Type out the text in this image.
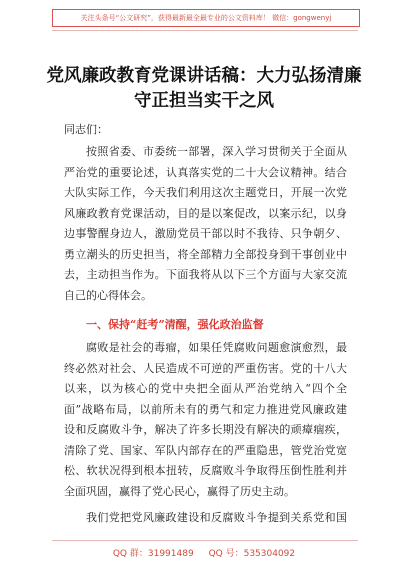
关注头条号“公文研究”，获得最新最全最专业的公文资料库！ 微信：gongwenyj
党风廉政教育党课讲话稿：大力弘扬清廉
守正担当实干之风
同志们：
按照省委、市委统一部署，深入学习贯彻关于全面从
严治党的重要论述，认真落实党的二十大会议精神。结合
大队实际工作，今天我们利用这次主题党日，开展一次党
风廉政教育党课活动，目的是以案促改，以案示纪，以身
边事警醒身边人，激励党员干部以时不我待、只争朝夕、
勇立潮头的历史担当，将全部精力全部投身到干事创业中
去，主动担当作为。下面我将从以下三个方面与大家交流
自己的心得体会。
一、保持“赶考”清醒，强化政治监督
腐败是社会的毒瘤，如果任凭腐败问题愈演愈烈，最
终必然对社会、人民造成不可逆的严重伤害。党的十八大
以来，以为核心的党中央把全面从严治党纳入“四个全
面”战略布局，以前所未有的勇气和定力推进党风廉政建
设和反腐败斗争，解决了许多长期没有解决的顽瘴痼疾，
清除了党、国家、军队内部存在的严重隐患，管党治党宽
松、软状况得到根本扭转，反腐败斗争取得压倒性胜利并
全面巩固，赢得了党心民心，赢得了历史主动。
我们党把党风廉政建设和反腐败斗争提到关系党和国
QQ 群：31991489 QQ 号：535304092
